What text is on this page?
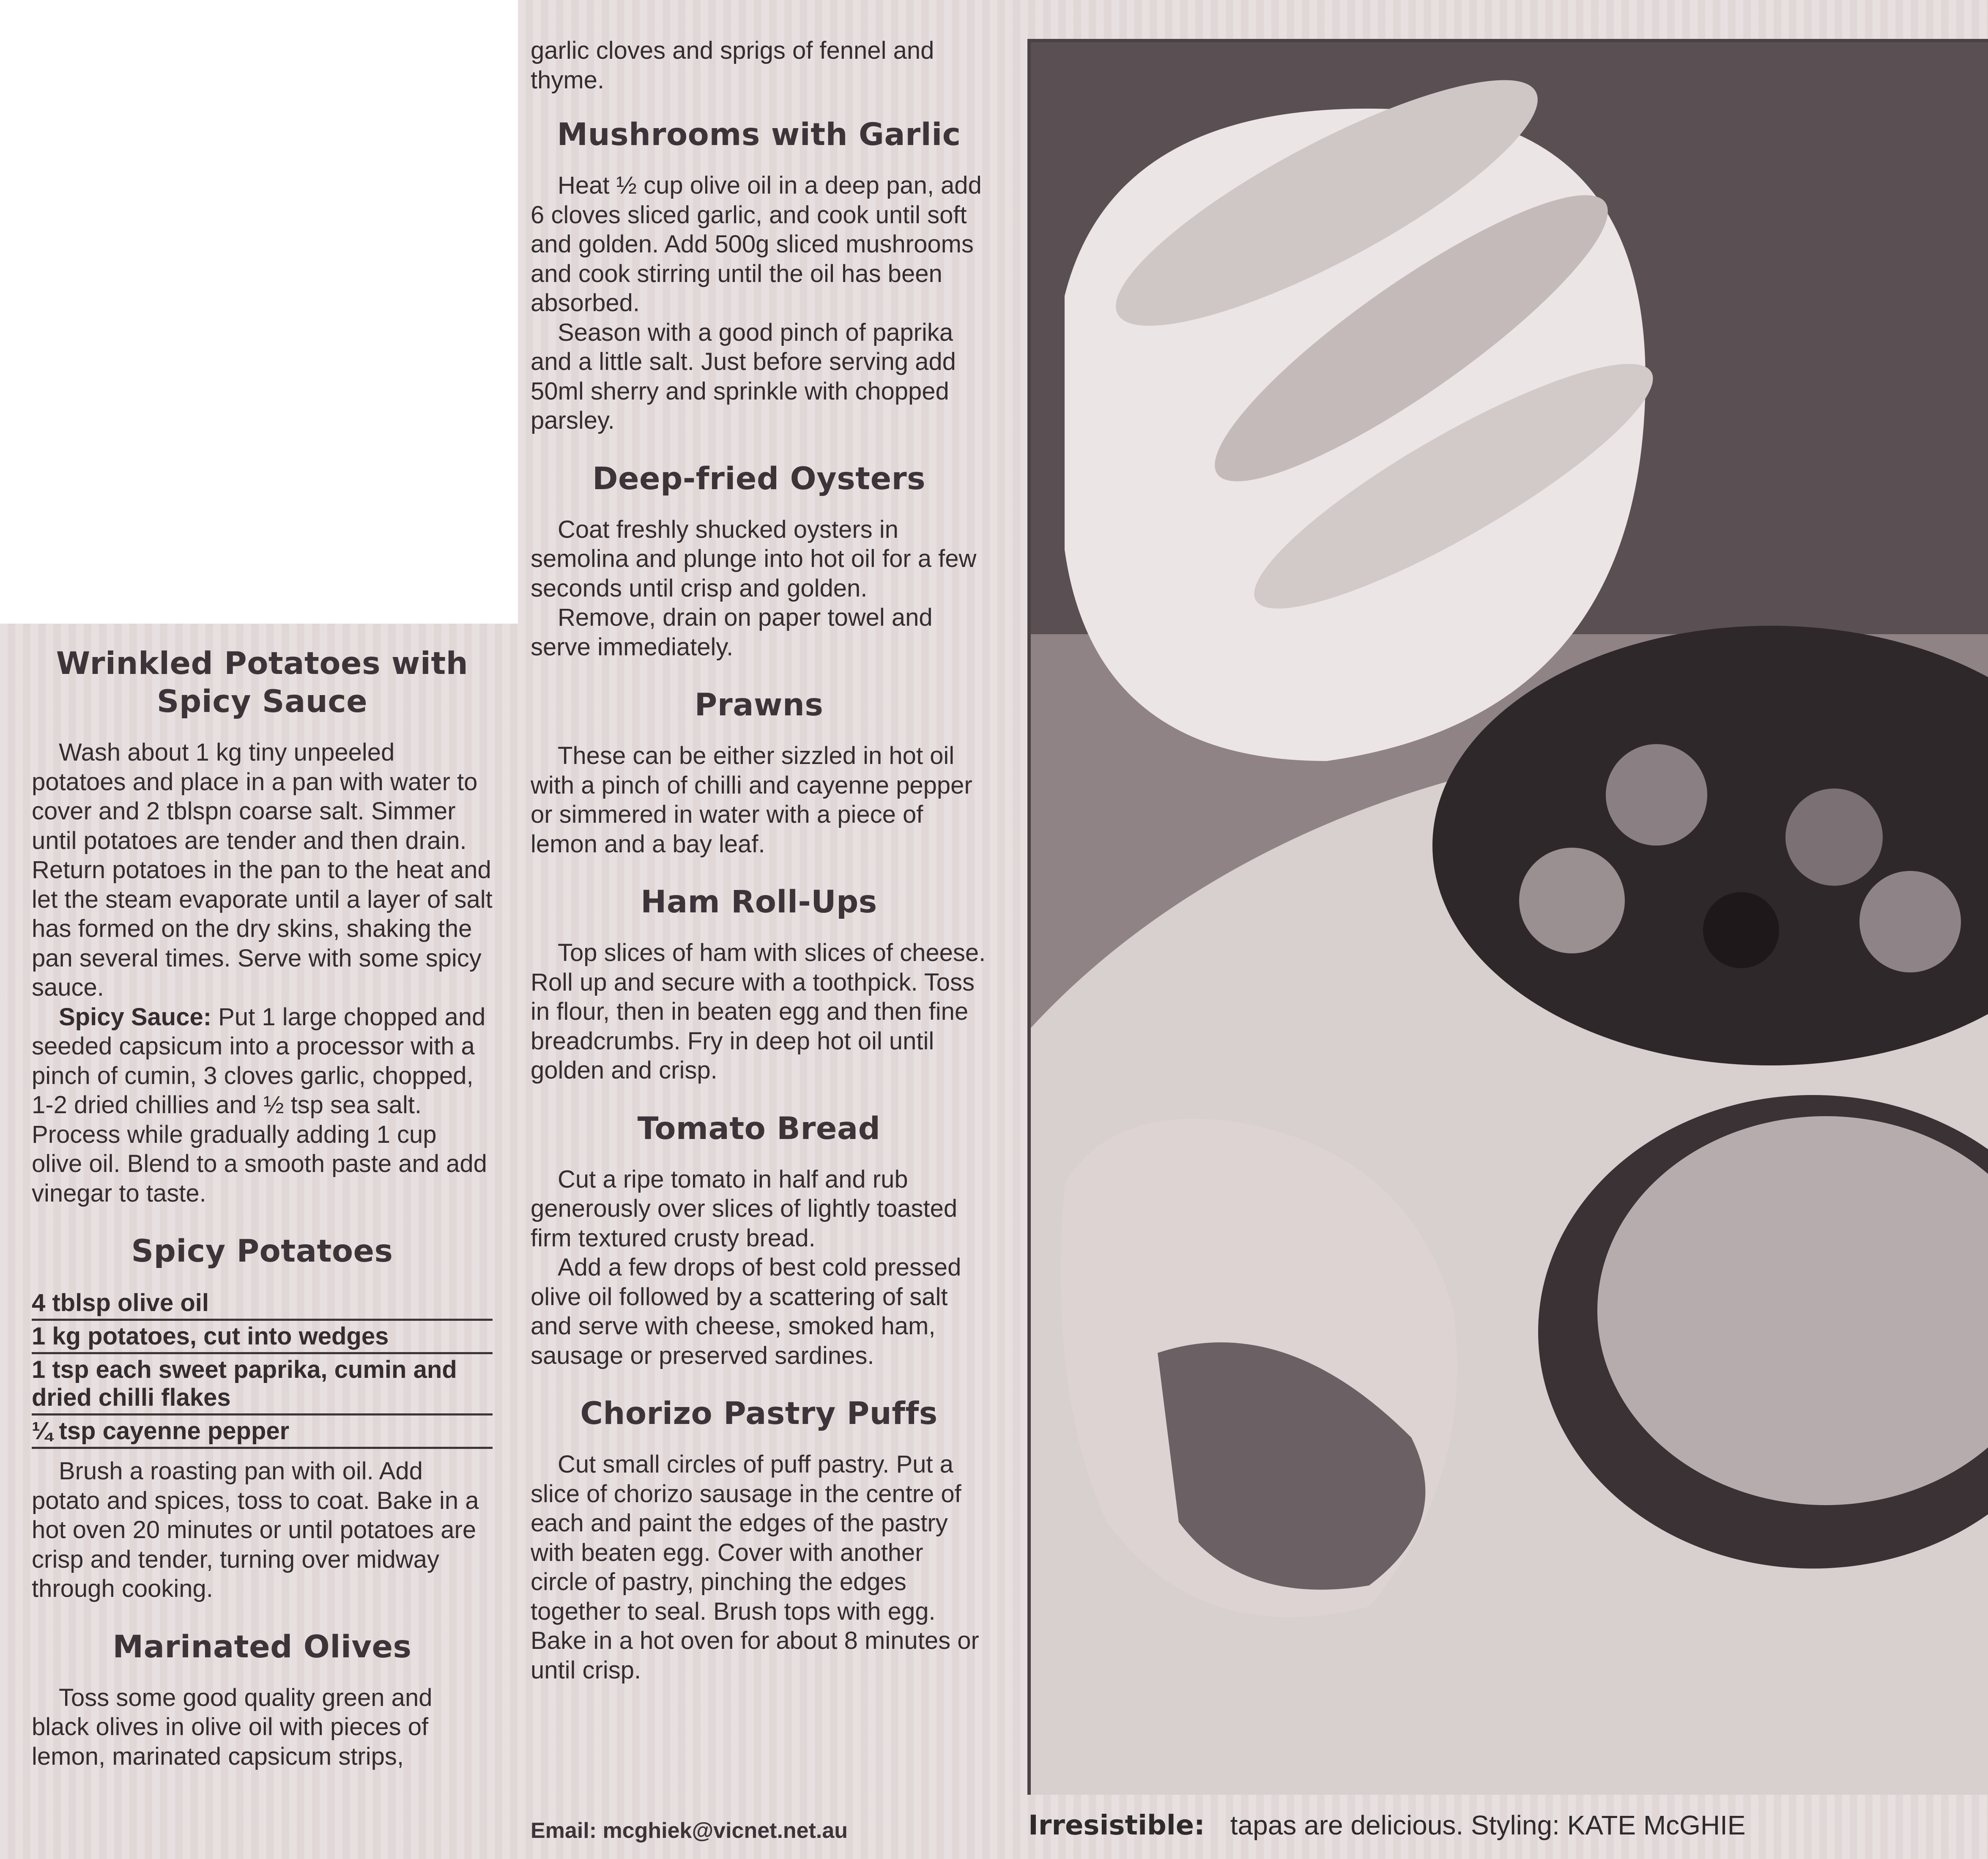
Wrinkled Potatoes with Spicy Sauce

Wash about 1 kg tiny unpeeled potatoes and place in a pan with water to cover and 2 tblspn coarse salt. Simmer until potatoes are tender and then drain. Return potatoes in the pan to the heat and let the steam evaporate until a layer of salt has formed on the dry skins, shaking the pan several times. Serve with some spicy sauce.

Spicy Sauce: Put 1 large chopped and seeded capsicum into a processor with a pinch of cumin, 3 cloves garlic, chopped, 1-2 dried chillies and ½ tsp sea salt. Process while gradually adding 1 cup olive oil. Blend to a smooth paste and add vinegar to taste.

Spicy Potatoes
4 tblsp olive oil
1 kg potatoes, cut into wedges
1 tsp each sweet paprika, cumin and dried chilli flakes
¼ tsp cayenne pepper

Brush a roasting pan with oil. Add potato and spices, toss to coat. Bake in a hot oven 20 minutes or until potatoes are crisp and tender, turning over midway through cooking.

Marinated Olives

Toss some good quality green and black olives in olive oil with pieces of lemon, marinated capsicum strips,

garlic cloves and sprigs of fennel and thyme.

Mushrooms with Garlic

Heat ½ cup olive oil in a deep pan, add 6 cloves sliced garlic, and cook until soft and golden. Add 500g sliced mushrooms and cook stirring until the oil has been absorbed.

Season with a good pinch of paprika and a little salt. Just before serving add 50ml sherry and sprinkle with chopped parsley.

Deep-fried Oysters

Coat freshly shucked oysters in semolina and plunge into hot oil for a few seconds until crisp and golden.

Remove, drain on paper towel and serve immediately.

Prawns

These can be either sizzled in hot oil with a pinch of chilli and cayenne pepper or simmered in water with a piece of lemon and a bay leaf.

Ham Roll-Ups

Top slices of ham with slices of cheese. Roll up and secure with a toothpick. Toss in flour, then in beaten egg and then fine breadcrumbs. Fry in deep hot oil until golden and crisp.

Tomato Bread

Cut a ripe tomato in half and rub generously over slices of lightly toasted firm textured crusty bread.

Add a few drops of best cold pressed olive oil followed by a scattering of salt and serve with cheese, smoked ham, sausage or preserved sardines.

Chorizo Pastry Puffs

Cut small circles of puff pastry. Put a slice of chorizo sausage in the centre of each and paint the edges of the pastry with beaten egg. Cover with another circle of pastry, pinching the edges together to seal. Brush tops with egg. Bake in a hot oven for about 8 minutes or until crisp.

Email: mcghiek@vicnet.net.au	Irresistible: tapas are delicious. Styling: KATE McGHIE
